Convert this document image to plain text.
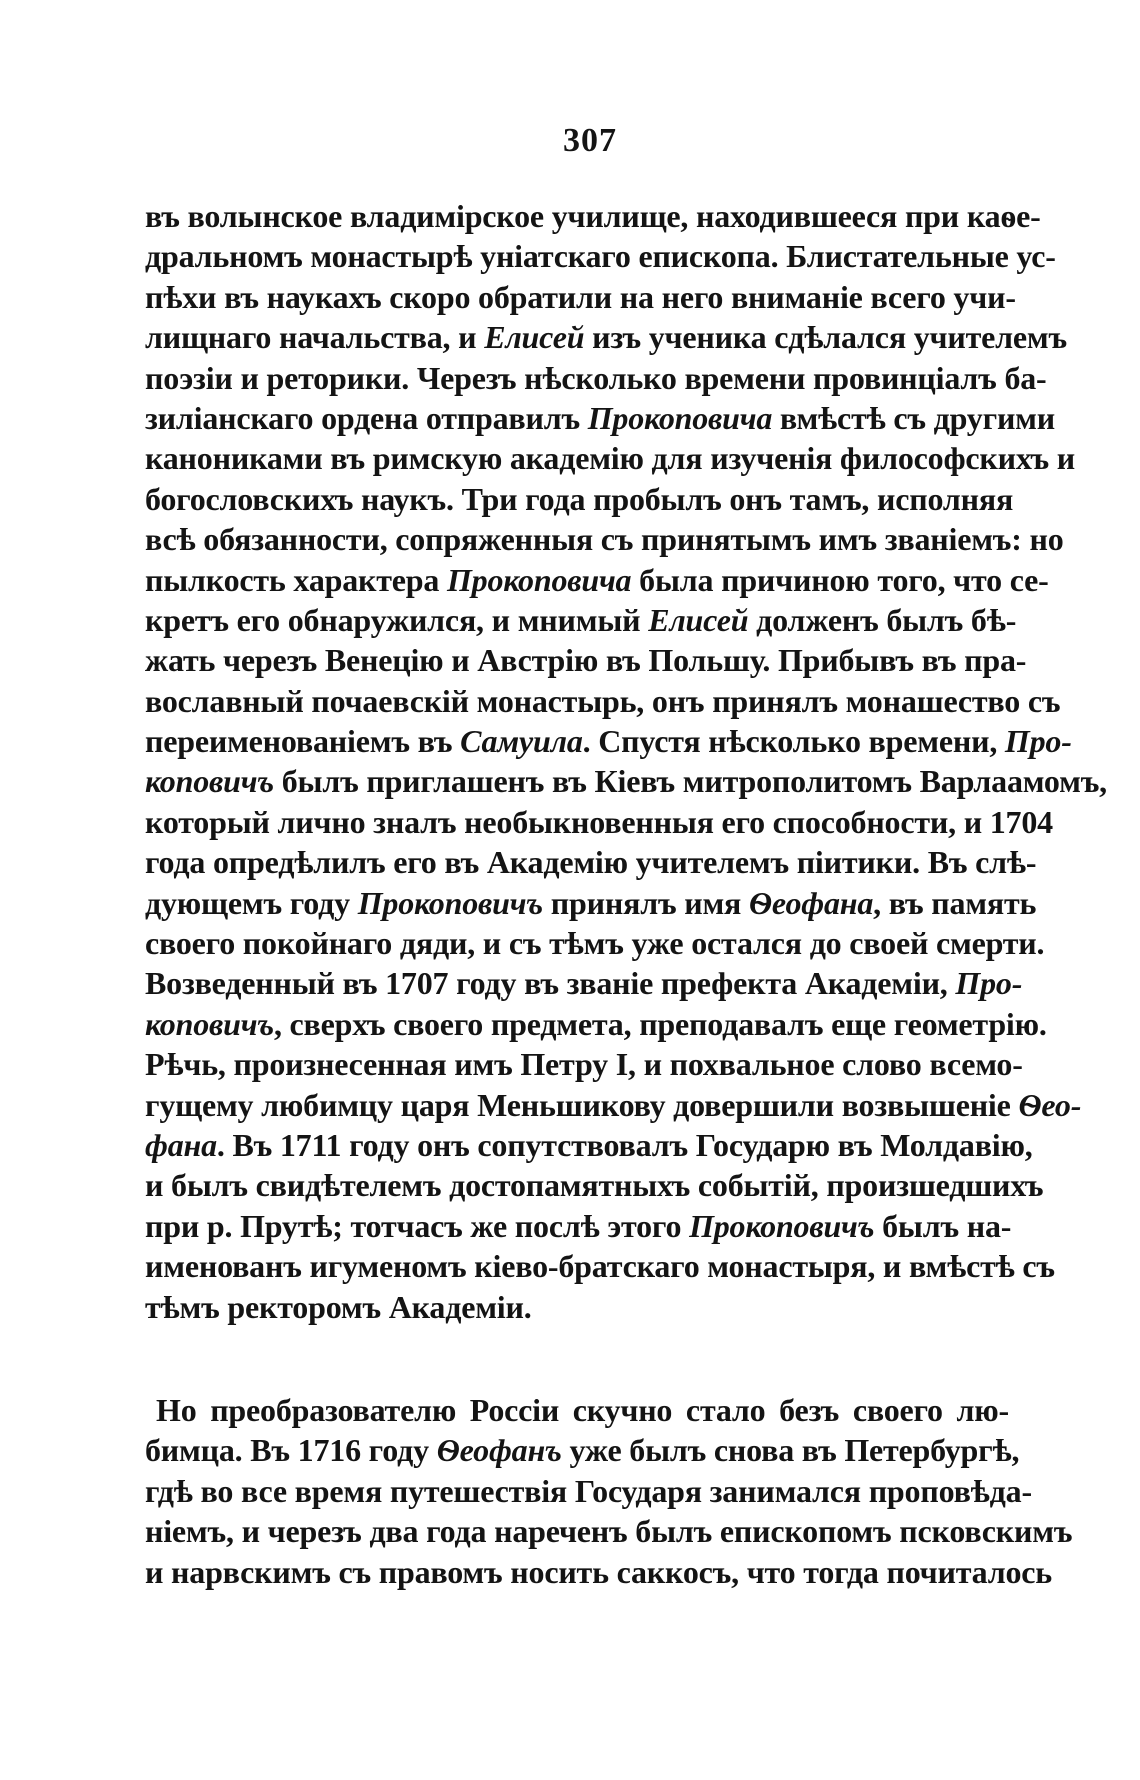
307
въ волынское владимірское училище, находившееся при каѳе-
дральномъ монастырѣ уніатскаго епископа. Блистательные ус-
пѣхи въ наукахъ скоро обратили на него вниманіе всего учи-
лищнаго начальства, и Елисей изъ ученика сдѣлался учителемъ
поэзіи и реторики. Черезъ нѣсколько времени провинціалъ ба-
зиліанскаго ордена отправилъ Прокоповича вмѣстѣ съ другими
канониками въ римскую академію для изученія философскихъ и
богословскихъ наукъ. Три года пробылъ онъ тамъ, исполняя
всѣ обязанности, сопряженныя съ принятымъ имъ званіемъ: но
пылкость характера Прокоповича была причиною того, что се-
кретъ его обнаружился, и мнимый Елисей долженъ былъ бѣ-
жать черезъ Венецію и Австрію въ Польшу. Прибывъ въ пра-
вославный почаевскій монастырь, онъ принялъ монашество съ
переименованіемъ въ Самуила. Спустя нѣсколько времени, Про-
коповичъ былъ приглашенъ въ Кіевъ митрополитомъ Варлаамомъ,
который лично зналъ необыкновенныя его способности, и 1704
года опредѣлилъ его въ Академію учителемъ піитики. Въ слѣ-
дующемъ году Прокоповичъ принялъ имя Ѳеофана, въ память
своего покойнаго дяди, и съ тѣмъ уже остался до своей смерти.
Возведенный въ 1707 году въ званіе префекта Академіи, Про-
коповичъ, сверхъ своего предмета, преподавалъ еще геометрію.
Рѣчь, произнесенная имъ Петру I, и похвальное слово всемо-
гущему любимцу царя Меньшикову довершили возвышеніе Ѳео-
фана. Въ 1711 году онъ сопутствовалъ Государю въ Молдавію,
и былъ свидѣтелемъ достопамятныхъ событій, произшедшихъ
при р. Прутѣ; тотчасъ же послѣ этого Прокоповичъ былъ на-
именованъ игуменомъ кіево-братскаго монастыря, и вмѣстѣ съ
тѣмъ ректоромъ Академіи.
Но преобразователю Россіи скучно стало безъ своего лю-
бимца. Въ 1716 году Ѳеофанъ уже былъ снова въ Петербургѣ,
гдѣ во все время путешествія Государя занимался проповѣда-
ніемъ, и черезъ два года нареченъ былъ епископомъ псковскимъ
и нарвскимъ съ правомъ носить саккосъ, что тогда почиталось
